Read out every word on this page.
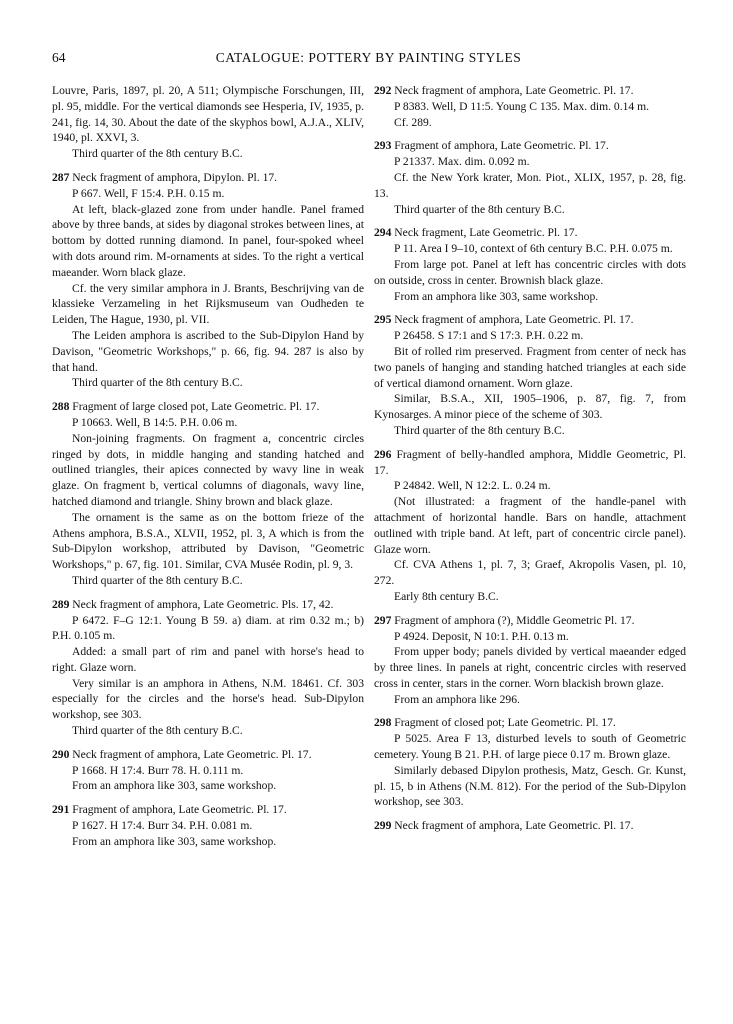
64	CATALOGUE: POTTERY BY PAINTING STYLES

Louvre, Paris, 1897, pl. 20, A 511; Olympische Forschungen, III, pl. 95, middle. For the vertical diamonds see Hesperia, IV, 1935, p. 241, fig. 14, 30. About the date of the skyphos bowl, A.J.A., XLIV, 1940, pl. XXVI, 3.

Third quarter of the 8th century B.C.

287 Neck fragment of amphora, Dipylon. Pl. 17.

P 667. Well, F 15:4. P.H. 0.15 m.

At left, black-glazed zone from under handle. Panel framed above by three bands, at sides by diagonal strokes between lines, at bottom by dotted running diamond. In panel, four-spoked wheel with dots around rim. M-ornaments at sides. To the right a vertical maeander. Worn black glaze.

Cf. the very similar amphora in J. Brants, Beschrijving van de klassieke Verzameling in het Rijksmuseum van Oudheden te Leiden, The Hague, 1930, pl. VII.

The Leiden amphora is ascribed to the Sub-Dipylon Hand by Davison, "Geometric Workshops," p. 66, fig. 94. 287 is also by that hand.

Third quarter of the 8th century B.C.

288 Fragment of large closed pot, Late Geometric. Pl. 17.

P 10663. Well, B 14:5. P.H. 0.06 m.

Non-joining fragments. On fragment a, concentric circles ringed by dots, in middle hanging and standing hatched and outlined triangles, their apices connected by wavy line in weak glaze. On fragment b, vertical columns of diagonals, wavy line, hatched diamond and triangle. Shiny brown and black glaze.

The ornament is the same as on the bottom frieze of the Athens amphora, B.S.A., XLVII, 1952, pl. 3, A which is from the Sub-Dipylon workshop, attributed by Davison, "Geometric Workshops," p. 67, fig. 101. Similar, CVA Musée Rodin, pl. 9, 3.

Third quarter of the 8th century B.C.

289 Neck fragment of amphora, Late Geometric. Pls. 17, 42.

P 6472. F–G 12:1. Young B 59. a) diam. at rim 0.32 m.; b) P.H. 0.105 m.

Added: a small part of rim and panel with horse's head to right. Glaze worn.

Very similar is an amphora in Athens, N.M. 18461. Cf. 303 especially for the circles and the horse's head. Sub-Dipylon workshop, see 303.

Third quarter of the 8th century B.C.

290 Neck fragment of amphora, Late Geometric. Pl. 17.

P 1668. H 17:4. Burr 78. H. 0.111 m.

From an amphora like 303, same workshop.

291 Fragment of amphora, Late Geometric. Pl. 17.

P 1627. H 17:4. Burr 34. P.H. 0.081 m.

From an amphora like 303, same workshop.

292 Neck fragment of amphora, Late Geometric. Pl. 17.

P 8383. Well, D 11:5. Young C 135. Max. dim. 0.14 m.

Cf. 289.

293 Fragment of amphora, Late Geometric. Pl. 17.

P 21337. Max. dim. 0.092 m.

Cf. the New York krater, Mon. Piot., XLIX, 1957, p. 28, fig. 13.

Third quarter of the 8th century B.C.

294 Neck fragment, Late Geometric. Pl. 17.

P 11. Area I 9–10, context of 6th century B.C. P.H. 0.075 m.

From large pot. Panel at left has concentric circles with dots on outside, cross in center. Brownish black glaze.

From an amphora like 303, same workshop.

295 Neck fragment of amphora, Late Geometric. Pl. 17.

P 26458. S 17:1 and S 17:3. P.H. 0.22 m.

Bit of rolled rim preserved. Fragment from center of neck has two panels of hanging and standing hatched triangles at each side of vertical diamond ornament. Worn glaze.

Similar, B.S.A., XII, 1905–1906, p. 87, fig. 7, from Kynosarges. A minor piece of the scheme of 303.

Third quarter of the 8th century B.C.

296 Fragment of belly-handled amphora, Middle Geometric, Pl. 17.

P 24842. Well, N 12:2. L. 0.24 m.

(Not illustrated: a fragment of the handle-panel with attachment of horizontal handle. Bars on handle, attachment outlined with triple band. At left, part of concentric circle panel). Glaze worn.

Cf. CVA Athens 1, pl. 7, 3; Graef, Akropolis Vasen, pl. 10, 272.

Early 8th century B.C.

297 Fragment of amphora (?), Middle Geometric Pl. 17.

P 4924. Deposit, N 10:1. P.H. 0.13 m.

From upper body; panels divided by vertical maeander edged by three lines. In panels at right, concentric circles with reserved cross in center, stars in the corner. Worn blackish brown glaze.

From an amphora like 296.

298 Fragment of closed pot; Late Geometric. Pl. 17.

P 5025. Area F 13, disturbed levels to south of Geometric cemetery. Young B 21. P.H. of large piece 0.17 m. Brown glaze.

Similarly debased Dipylon prothesis, Matz, Gesch. Gr. Kunst, pl. 15, b in Athens (N.M. 812). For the period of the Sub-Dipylon workshop, see 303.

299 Neck fragment of amphora, Late Geometric. Pl. 17.
